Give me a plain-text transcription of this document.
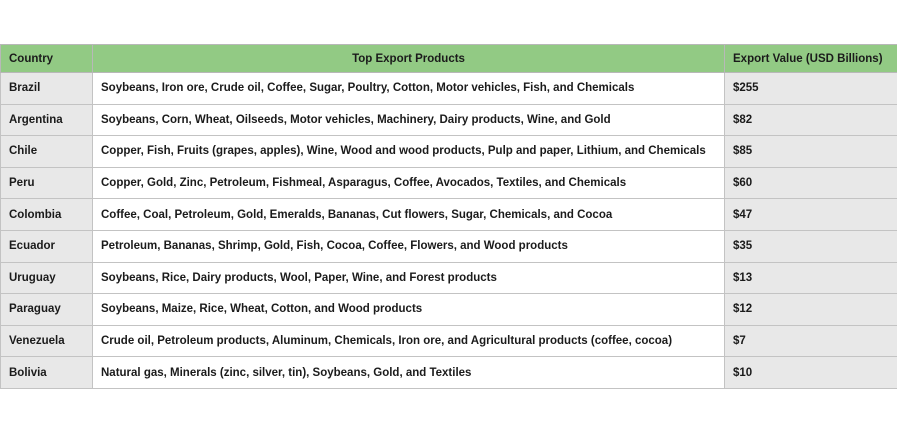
Country	Top Export Products	Export Value (USD Billions)
Brazil	Soybeans, Iron ore, Crude oil, Coffee, Sugar, Poultry, Cotton, Motor vehicles, Fish, and Chemicals	$255
Argentina	Soybeans, Corn, Wheat, Oilseeds, Motor vehicles, Machinery, Dairy products, Wine, and Gold	$82
Chile	Copper, Fish, Fruits (grapes, apples), Wine, Wood and wood products, Pulp and paper, Lithium, and Chemicals	$85
Peru	Copper, Gold, Zinc, Petroleum, Fishmeal, Asparagus, Coffee, Avocados, Textiles, and Chemicals	$60
Colombia	Coffee, Coal, Petroleum, Gold, Emeralds, Bananas, Cut flowers, Sugar, Chemicals, and Cocoa	$47
Ecuador	Petroleum, Bananas, Shrimp, Gold, Fish, Cocoa, Coffee, Flowers, and Wood products	$35
Uruguay	Soybeans, Rice, Dairy products, Wool, Paper, Wine, and Forest products	$13
Paraguay	Soybeans, Maize, Rice, Wheat, Cotton, and Wood products	$12
Venezuela	Crude oil, Petroleum products, Aluminum, Chemicals, Iron ore, and Agricultural products (coffee, cocoa)	$7
Bolivia	Natural gas, Minerals (zinc, silver, tin), Soybeans, Gold, and Textiles	$10
